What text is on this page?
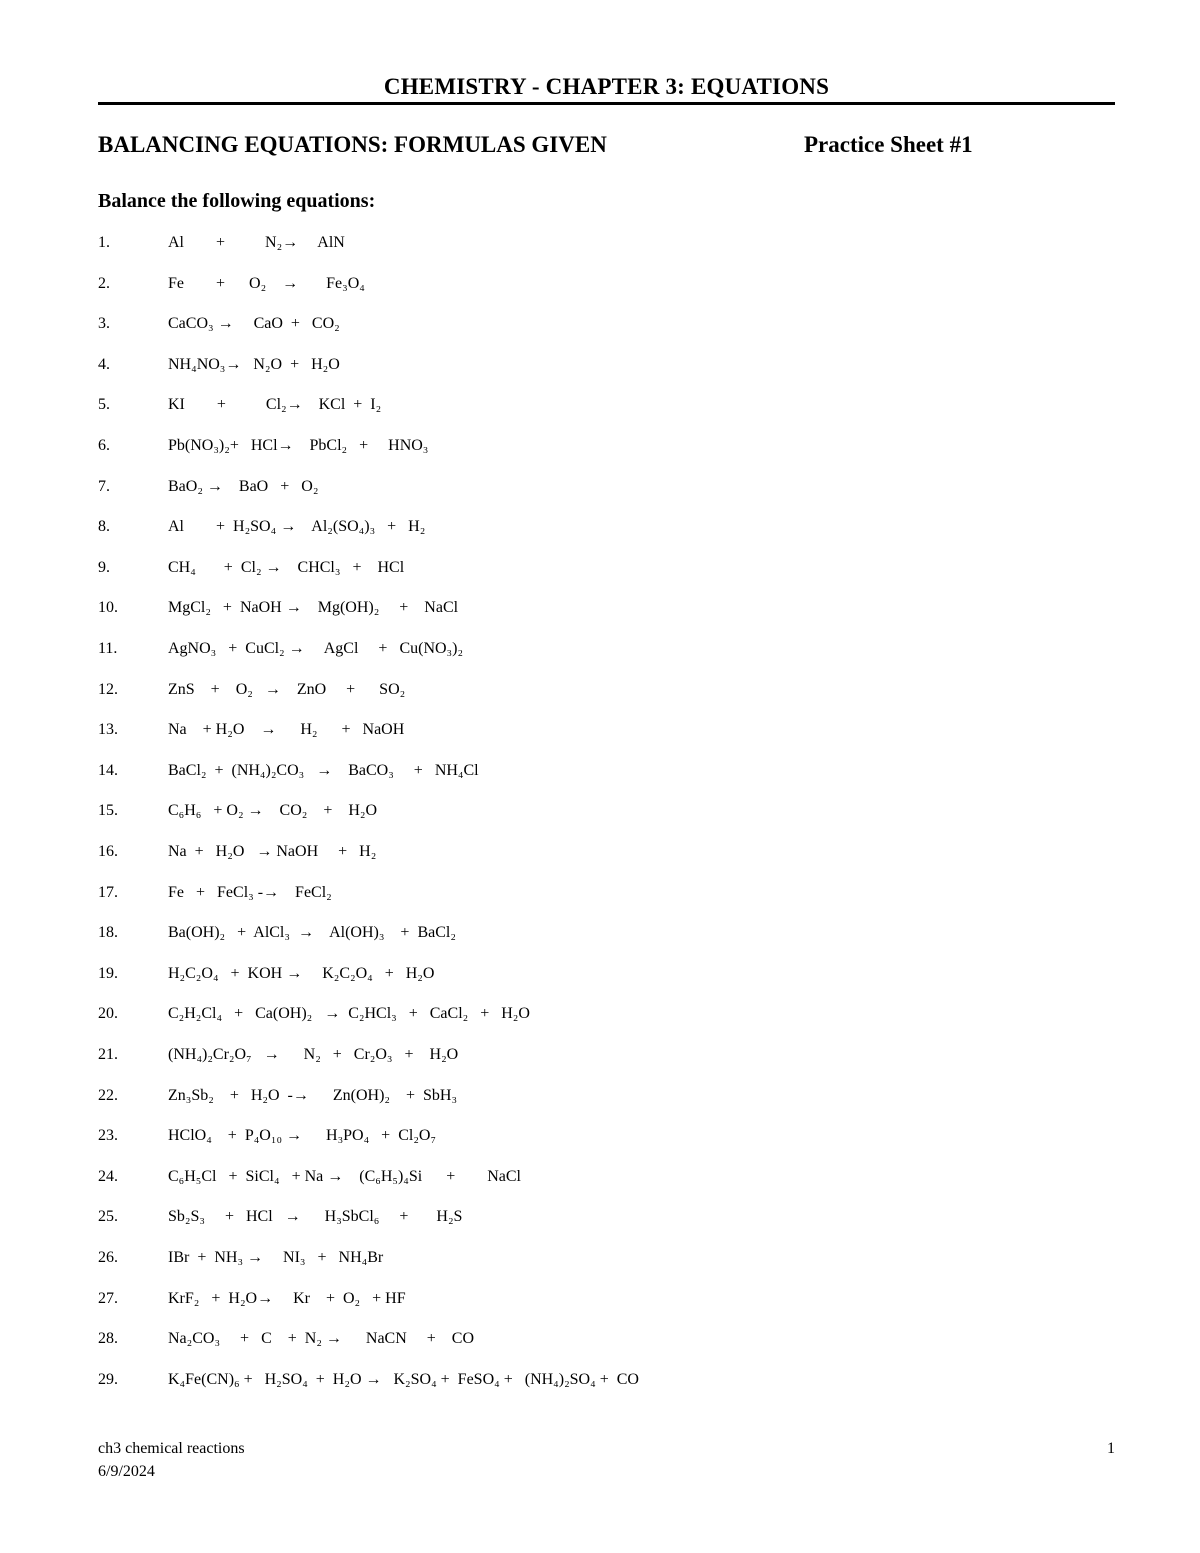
CHEMISTRY - CHAPTER 3: EQUATIONS
BALANCING EQUATIONS: FORMULAS GIVEN	Practice Sheet #1
Balance the following equations:
1.	Al        +          N₂→     AlN
2.	Fe        +      O₂    →       Fe₃O₄
3.	CaCO₃ →     CaO  +   CO₂
4.	NH₄NO₃→   N₂O  +   H₂O
5.	KI        +          Cl₂→    KCl  +  I₂
6.	Pb(NO₃)₂+   HCl→    PbCl₂   +     HNO₃
7.	BaO₂ →    BaO   +   O₂
8.	Al        +  H₂SO₄ →    Al₂(SO₄)₃   +   H₂
9.	CH₄       +  Cl₂ →    CHCl₃   +    HCl
10.	MgCl₂   +  NaOH →    Mg(OH)₂     +    NaCl
11.	AgNO₃   +  CuCl₂ →     AgCl     +   Cu(NO₃)₂
12.	ZnS    +    O₂   →    ZnO     +      SO₂
13.	Na    + H₂O    →      H₂      +   NaOH
14.	BaCl₂  +  (NH₄)₂CO₃   →    BaCO₃     +   NH₄Cl
15.	C₆H₆   + O₂ →    CO₂    +    H₂O
16.	Na  +   H₂O   → NaOH     +   H₂
17.	Fe   +   FeCl₃ -→    FeCl₂
18.	Ba(OH)₂   +  AlCl₃  →    Al(OH)₃    +  BaCl₂
19.	H₂C₂O₄   +  KOH →     K₂C₂O₄   +   H₂O
20.	C₂H₂Cl₄   +   Ca(OH)₂   →  C₂HCl₃   +   CaCl₂   +   H₂O
21.	(NH₄)₂Cr₂O₇   →      N₂   +   Cr₂O₃   +    H₂O
22.	Zn₃Sb₂    +   H₂O  -→      Zn(OH)₂    +  SbH₃
23.	HClO₄    +  P₄O₁₀ →      H₃PO₄   +  Cl₂O₇
24.	C₆H₅Cl   +  SiCl₄   + Na →    (C₆H₅)₄Si      +        NaCl
25.	Sb₂S₃     +   HCl   →      H₃SbCl₆     +       H₂S
26.	IBr  +  NH₃ →     NI₃   +   NH₄Br
27.	KrF₂   +  H₂O→     Kr    +  O₂   + HF
28.	Na₂CO₃     +   C    +  N₂ →      NaCN     +    CO
29.	K₄Fe(CN)₆ +   H₂SO₄  +  H₂O →   K₂SO₄ +  FeSO₄ +   (NH₄)₂SO₄ +  CO
ch3 chemical reactions
6/9/2024
1
